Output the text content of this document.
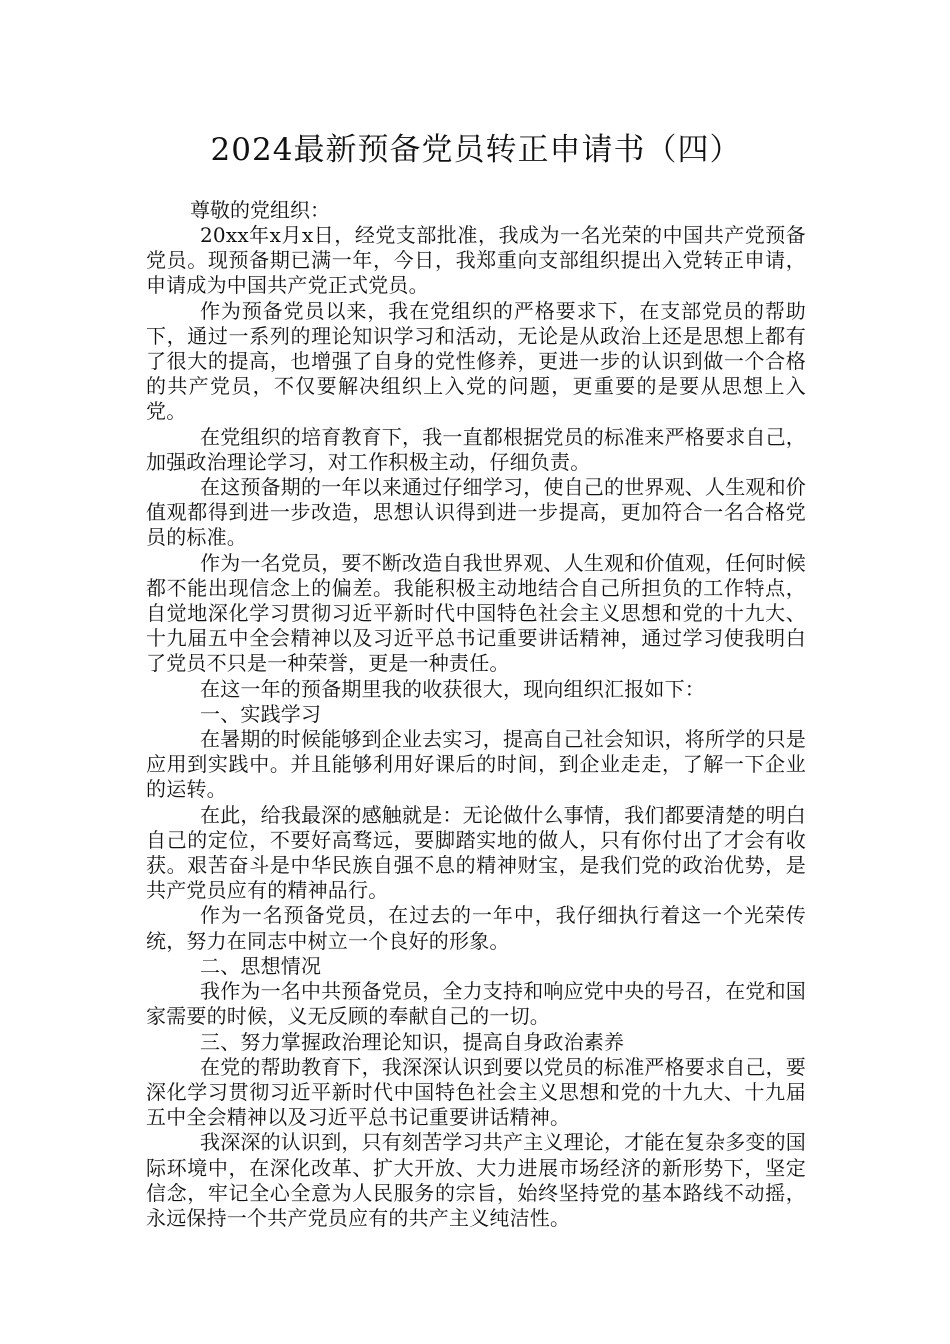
2024最新预备党员转正申请书（四）

尊敬的党组织：

20xx年x月x日，经党支部批准，我成为一名光荣的中国共产党预备党员。现预备期已满一年，今日，我郑重向支部组织提出入党转正申请，申请成为中国共产党正式党员。

作为预备党员以来，我在党组织的严格要求下，在支部党员的帮助下，通过一系列的理论知识学习和活动，无论是从政治上还是思想上都有了很大的提高，也增强了自身的党性修养，更进一步的认识到做一个合格的共产党员，不仅要解决组织上入党的问题，更重要的是要从思想上入党。

在党组织的培育教育下，我一直都根据党员的标准来严格要求自己，加强政治理论学习，对工作积极主动，仔细负责。

在这预备期的一年以来通过仔细学习，使自己的世界观、人生观和价值观都得到进一步改造，思想认识得到进一步提高，更加符合一名合格党员的标准。

作为一名党员，要不断改造自我世界观、人生观和价值观，任何时候都不能出现信念上的偏差。我能积极主动地结合自己所担负的工作特点，自觉地深化学习贯彻习近平新时代中国特色社会主义思想和党的十九大、十九届五中全会精神以及习近平总书记重要讲话精神，通过学习使我明白了党员不只是一种荣誉，更是一种责任。

在这一年的预备期里我的收获很大，现向组织汇报如下：

一、实践学习

在暑期的时候能够到企业去实习，提高自己社会知识，将所学的只是应用到实践中。并且能够利用好课后的时间，到企业走走，了解一下企业的运转。

在此，给我最深的感触就是：无论做什么事情，我们都要清楚的明白自己的定位，不要好高骛远，要脚踏实地的做人，只有你付出了才会有收获。艰苦奋斗是中华民族自强不息的精神财宝，是我们党的政治优势，是共产党员应有的精神品行。

作为一名预备党员，在过去的一年中，我仔细执行着这一个光荣传统，努力在同志中树立一个良好的形象。

二、思想情况

我作为一名中共预备党员，全力支持和响应党中央的号召，在党和国家需要的时候，义无反顾的奉献自己的一切。

三、努力掌握政治理论知识，提高自身政治素养

在党的帮助教育下，我深深认识到要以党员的标准严格要求自己，要深化学习贯彻习近平新时代中国特色社会主义思想和党的十九大、十九届五中全会精神以及习近平总书记重要讲话精神。

我深深的认识到，只有刻苦学习共产主义理论，才能在复杂多变的国际环境中，在深化改革、扩大开放、大力进展市场经济的新形势下，坚定信念，牢记全心全意为人民服务的宗旨，始终坚持党的基本路线不动摇，永远保持一个共产党员应有的共产主义纯洁性。
